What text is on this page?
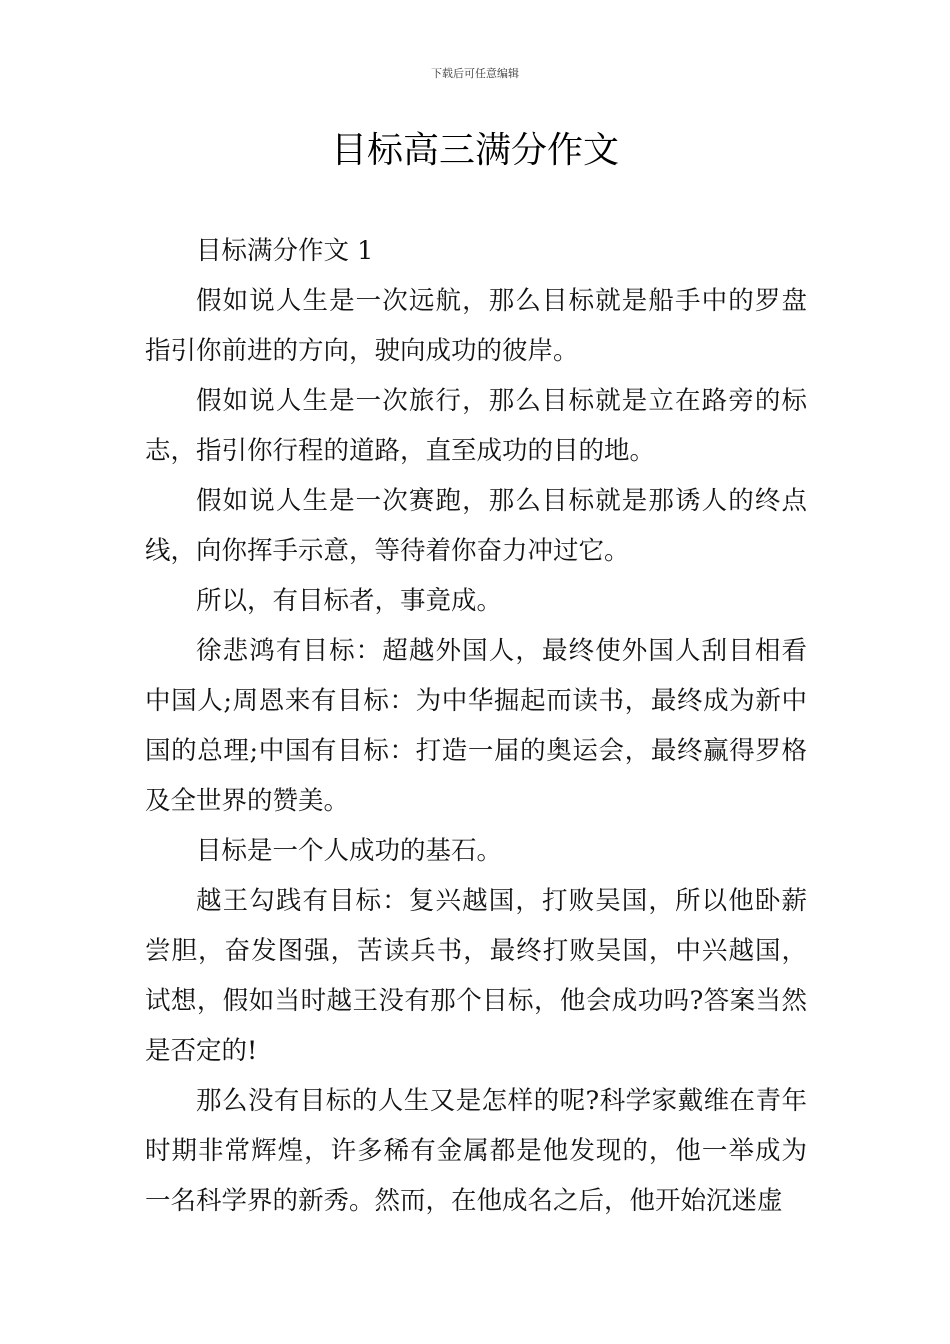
下载后可任意编辑
目标高三满分作文

目标满分作文 1

假如说人生是一次远航，那么目标就是船手中的罗盘指引你前进的方向，驶向成功的彼岸。

假如说人生是一次旅行，那么目标就是立在路旁的标志，指引你行程的道路，直至成功的目的地。

假如说人生是一次赛跑，那么目标就是那诱人的终点线，向你挥手示意，等待着你奋力冲过它。

所以，有目标者，事竟成。

徐悲鸿有目标：超越外国人，最终使外国人刮目相看中国人;周恩来有目标：为中华掘起而读书，最终成为新中国的总理;中国有目标：打造一届的奥运会，最终赢得罗格及全世界的赞美。

目标是一个人成功的基石。

越王勾践有目标：复兴越国，打败吴国，所以他卧薪尝胆，奋发图强，苦读兵书，最终打败吴国，中兴越国，试想，假如当时越王没有那个目标，他会成功吗?答案当然是否定的!

那么没有目标的人生又是怎样的呢?科学家戴维在青年时期非常辉煌，许多稀有金属都是他发现的，他一举成为一名科学界的新秀。然而，在他成名之后，他开始沉迷虚
